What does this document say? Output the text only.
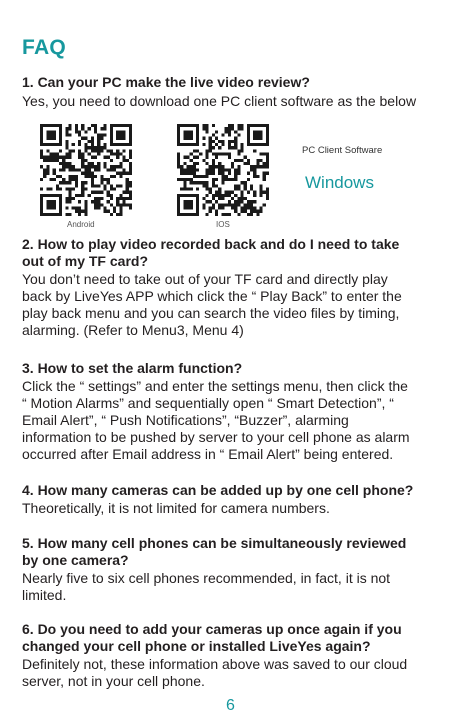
FAQ
1. Can your PC make the live video review?
Yes, you need to download one PC client software as the below
Android	IOS
PC Client Software
Windows
2. How to play video recorded back and do I need to take
out of my TF card?
You don’t need to take out of your TF card and directly play
back by LiveYes APP which click the “ Play Back” to enter the
play back menu and you can search the video files by timing,
alarming. (Refer to Menu3, Menu 4)
3. How to set the alarm function?
Click the “ settings” and enter the settings menu, then click the
“ Motion Alarms” and sequentially open “ Smart Detection”, “
Email Alert”, “ Push Notifications”, “Buzzer”, alarming
information to be pushed by server to your cell phone as alarm
occurred after Email address in “ Email Alert” being entered.
4. How many cameras can be added up by one cell phone?
Theoretically, it is not limited for camera numbers.
5. How many cell phones can be simultaneously reviewed
by one camera?
Nearly five to six cell phones recommended, in fact, it is not
limited.
6. Do you need to add your cameras up once again if you
changed your cell phone or installed LiveYes again?
Definitely not, these information above was saved to our cloud
server, not in your cell phone.
6
